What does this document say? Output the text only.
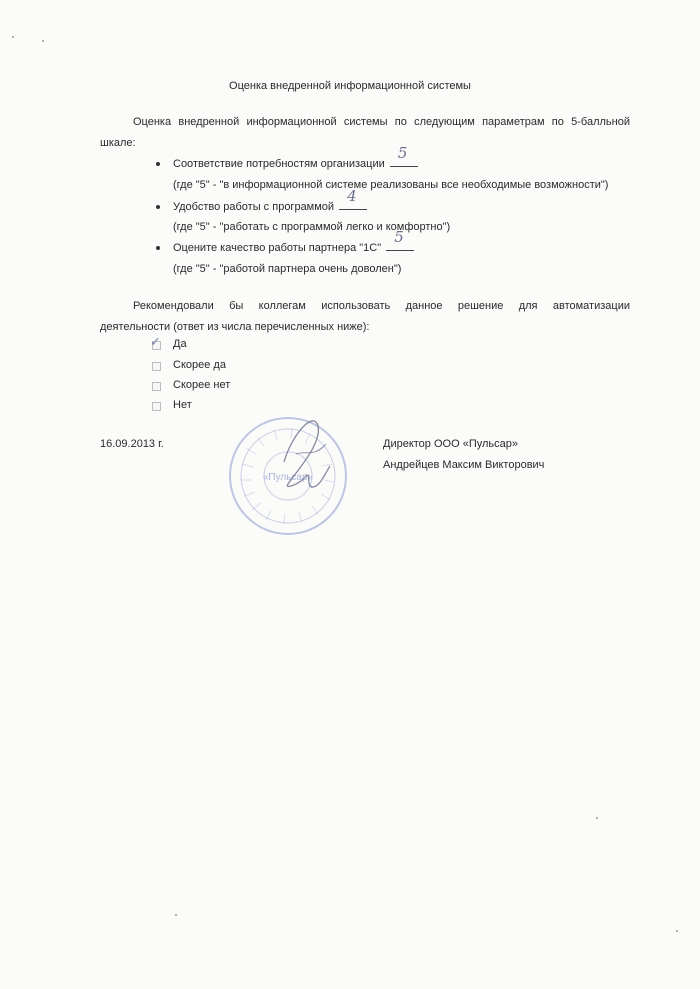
Оценка внедренной информационной системы
Оценка внедренной информационной системы по следующим параметрам по 5-балльной
шкале:
Соответствие потребностям организации
5
(где "5" - "в информационной системе реализованы все необходимые возможности")
Удобство работы с программой
4
(где "5" - "работать с программой легко и комфортно")
Оцените качество работы партнера "1С"
5
(где "5" - "работой партнера очень доволен")
Рекомендовали бы коллегам использовать данное решение для автоматизации
деятельности (ответ из числа перечисленных ниже):
✓ Да
Скорее да
Скорее нет
Нет
16.09.2013 г.	Директор ООО «Пульсар»
Андрейцев Максим Викторович
«Пульсар»
